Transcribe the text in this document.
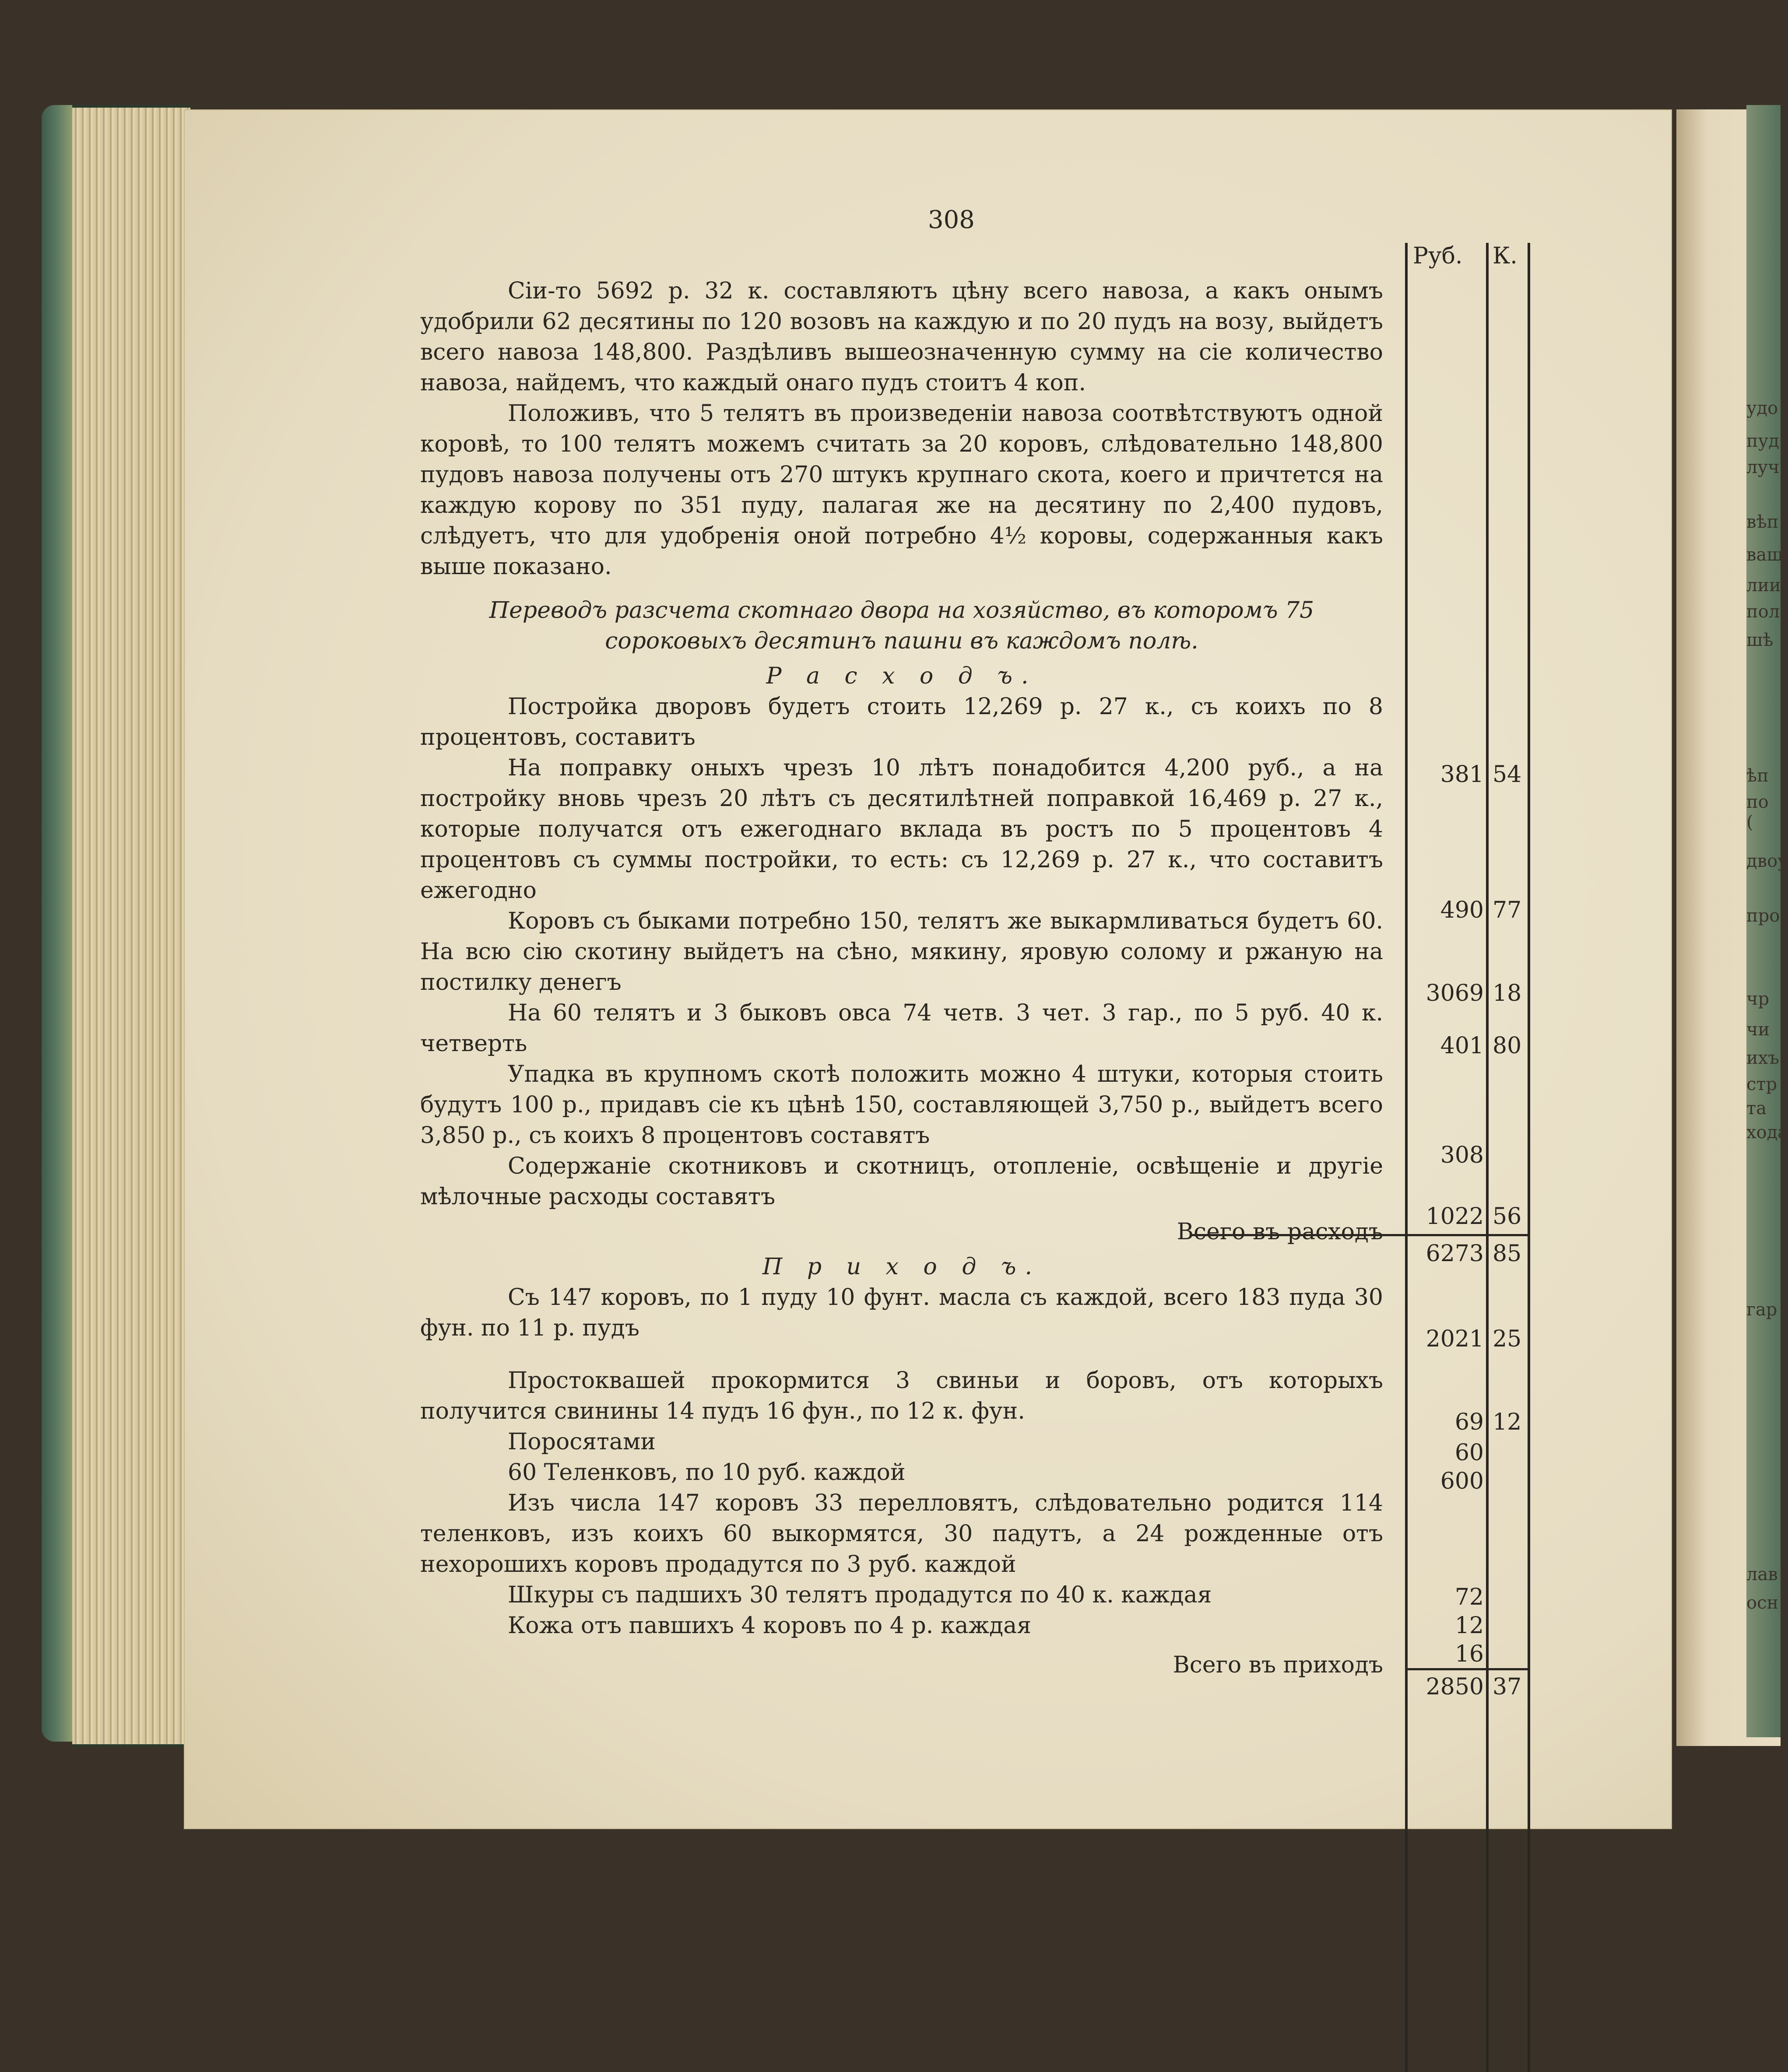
308
Руб. К.

Сiи-то 5692 р. 32 к. составляютъ цѣну всего навоза, а какъ онымъ удобрили 62 десятины по 120 возовъ на каждую и по 20 пудъ на возу, выйдетъ всего навоза 148,800. Раздѣливъ вышеозначенную сумму на сiе количество навоза, найдемъ, что каждый онаго пудъ стоитъ 4 коп.

Положивъ, что 5 телятъ въ произведенiи навоза соотвѣтствуютъ одной коровѣ, то 100 телятъ можемъ считать за 20 коровъ, слѣдовательно 148,800 пудовъ навоза получены отъ 270 штукъ крупнаго скота, коего и причтется на каждую корову по 351 пуду, палагая же на десятину по 2,400 пудовъ, слѣдуетъ, что для удобренiя оной потребно 4½ коровы, содержанныя какъ выше показано.

Переводъ разсчета скотнаго двора на хозяйство, въ которомъ 75 сороковыхъ десятинъ пашни въ каждомъ полѣ.

Р а с х о д ъ.

Постройка дворовъ будетъ стоить 12,269 р. 27 к., съ коихъ по 8 процентовъ, составитъ

На поправку оныхъ чрезъ 10 лѣтъ понадобится 4,200 руб., а на постройку вновь чрезъ 20 лѣтъ съ десятилѣтней поправкой 16,469 р. 27 к., которые получатся отъ ежегоднаго вклада въ ростъ по 5 процентовъ 4 процентовъ съ суммы постройки, то есть: съ 12,269 р. 27 к., что составитъ ежегодно

Коровъ съ быками потребно 150, телятъ же выкармливаться будетъ 60. На всю сiю скотину выйдетъ на сѣно, мякину, яровую солому и ржаную на постилку денегъ

На 60 телятъ и 3 быковъ овса 74 четв. 3 чет. 3 гар., по 5 руб. 40 к. четверть

Упадка въ крупномъ скотѣ положить можно 4 штуки, которыя стоить будутъ 100 р., придавъ сiе къ цѣнѣ 150, составляющей 3,750 р., выйдетъ всего 3,850 р., съ коихъ 8 процентовъ составятъ

Содержанiе скотниковъ и скотницъ, отопленiе, освѣщенiе и другiе мѣлочные расходы составятъ

Всего въ расходъ

П р и х о д ъ.

Съ 147 коровъ, по 1 пуду 10 фунт. масла съ каждой, всего 183 пуда 30 фун. по 11 р. пудъ

Простоквашей прокормится 3 свиньи и боровъ, отъ которыхъ получится свинины 14 пудъ 16 фун., по 12 к. фун.

Поросятами

60 Теленковъ, по 10 руб. каждой

Изъ числа 147 коровъ 33 перелловятъ, слѣдовательно родится 114 теленковъ, изъ коихъ 60 выкормятся, 30 падутъ, а 24 рожденные отъ нехорошихъ коровъ продадутся по 3 руб. каждой

Шкуры съ падшихъ 30 телятъ продадутся по 40 к. каждая

Кожа отъ павшихъ 4 коровъ по 4 р. каждая

Всего въ приходъ

381 54
490 77
3069 18
401 80
308
1022 56
6273 85
2021 25
69 12
60
600
72
12
16
2850 37
удо
пуд
луч
вѣп
ваш
лии
пол
шѣ
ѣп
по (
двоу
про
чр
чи
ихъ
стр
та
хода
гар
лав
осн
